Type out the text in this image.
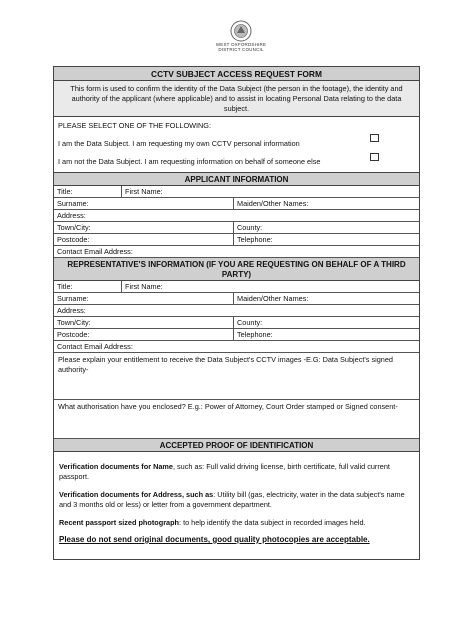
WEST OXFORDSHIRE
DISTRICT COUNCIL
CCTV SUBJECT ACCESS REQUEST FORM
This form is used to confirm the identity of the Data Subject (the person in the footage), the identity and authority of the applicant (where applicable) and to assist in locating Personal Data relating to the data subject.
PLEASE SELECT ONE OF THE FOLLOWING:
I am the Data Subject. I am requesting my own CCTV personal information
I am not the Data Subject. I am requesting information on behalf of someone else
APPLICANT INFORMATION
Title:	First Name:
Surname:	Maiden/Other Names:
Address:
Town/City:	County:
Postcode:	Telephone:
Contact Email Address:
REPRESENTATIVE'S INFORMATION (IF YOU ARE REQUESTING ON BEHALF OF A THIRD PARTY)
Title:	First Name:
Surname:	Maiden/Other Names:
Address:
Town/City:	County:
Postcode:	Telephone:
Contact Email Address:
Please explain your entitlement to receive the Data Subject's CCTV images -E.G: Data Subject's signed authority-
What authorisation have you enclosed? E.g.: Power of Attorney, Court Order stamped or Signed consent-
ACCEPTED PROOF OF IDENTIFICATION

Verification documents for Name, such as: Full valid driving license, birth certificate, full valid current passport.

Verification documents for Address, such as: Utility bill (gas, electricity, water in the data subject's name and 3 months old or less) or letter from a government department.

Recent passport sized photograph: to help identify the data subject in recorded images held.

Please do not send original documents, good quality photocopies are acceptable.
